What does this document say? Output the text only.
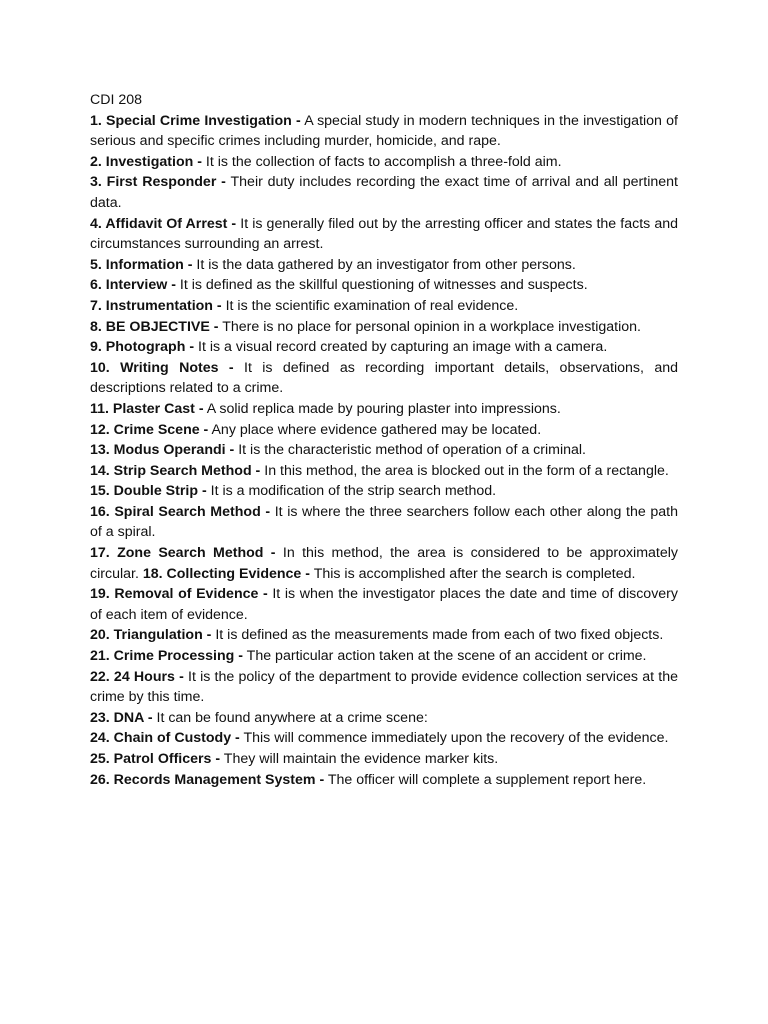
CDI 208
1. Special Crime Investigation - A special study in modern techniques in the investigation of serious and specific crimes including murder, homicide, and rape.
2. Investigation - It is the collection of facts to accomplish a three-fold aim.
3. First Responder - Their duty includes recording the exact time of arrival and all pertinent data.
4. Affidavit Of Arrest - It is generally filed out by the arresting officer and states the facts and circumstances surrounding an arrest.
5. Information - It is the data gathered by an investigator from other persons.
6. Interview - It is defined as the skillful questioning of witnesses and suspects.
7. Instrumentation - It is the scientific examination of real evidence.
8. BE OBJECTIVE - There is no place for personal opinion in a workplace investigation.
9. Photograph - It is a visual record created by capturing an image with a camera.
10. Writing Notes - It is defined as recording important details, observations, and descriptions related to a crime.
11. Plaster Cast - A solid replica made by pouring plaster into impressions.
12. Crime Scene - Any place where evidence gathered may be located.
13. Modus Operandi - It is the characteristic method of operation of a criminal.
14. Strip Search Method - In this method, the area is blocked out in the form of a rectangle.
15. Double Strip - It is a modification of the strip search method.
16. Spiral Search Method - It is where the three searchers follow each other along the path of a spiral.
17. Zone Search Method - In this method, the area is considered to be approximately circular. 18. Collecting Evidence - This is accomplished after the search is completed.
19. Removal of Evidence - It is when the investigator places the date and time of discovery of each item of evidence.
20. Triangulation - It is defined as the measurements made from each of two fixed objects.
21. Crime Processing - The particular action taken at the scene of an accident or crime.
22. 24 Hours - It is the policy of the department to provide evidence collection services at the crime by this time.
23. DNA - It can be found anywhere at a crime scene:
24. Chain of Custody - This will commence immediately upon the recovery of the evidence.
25. Patrol Officers - They will maintain the evidence marker kits.
26. Records Management System - The officer will complete a supplement report here.
